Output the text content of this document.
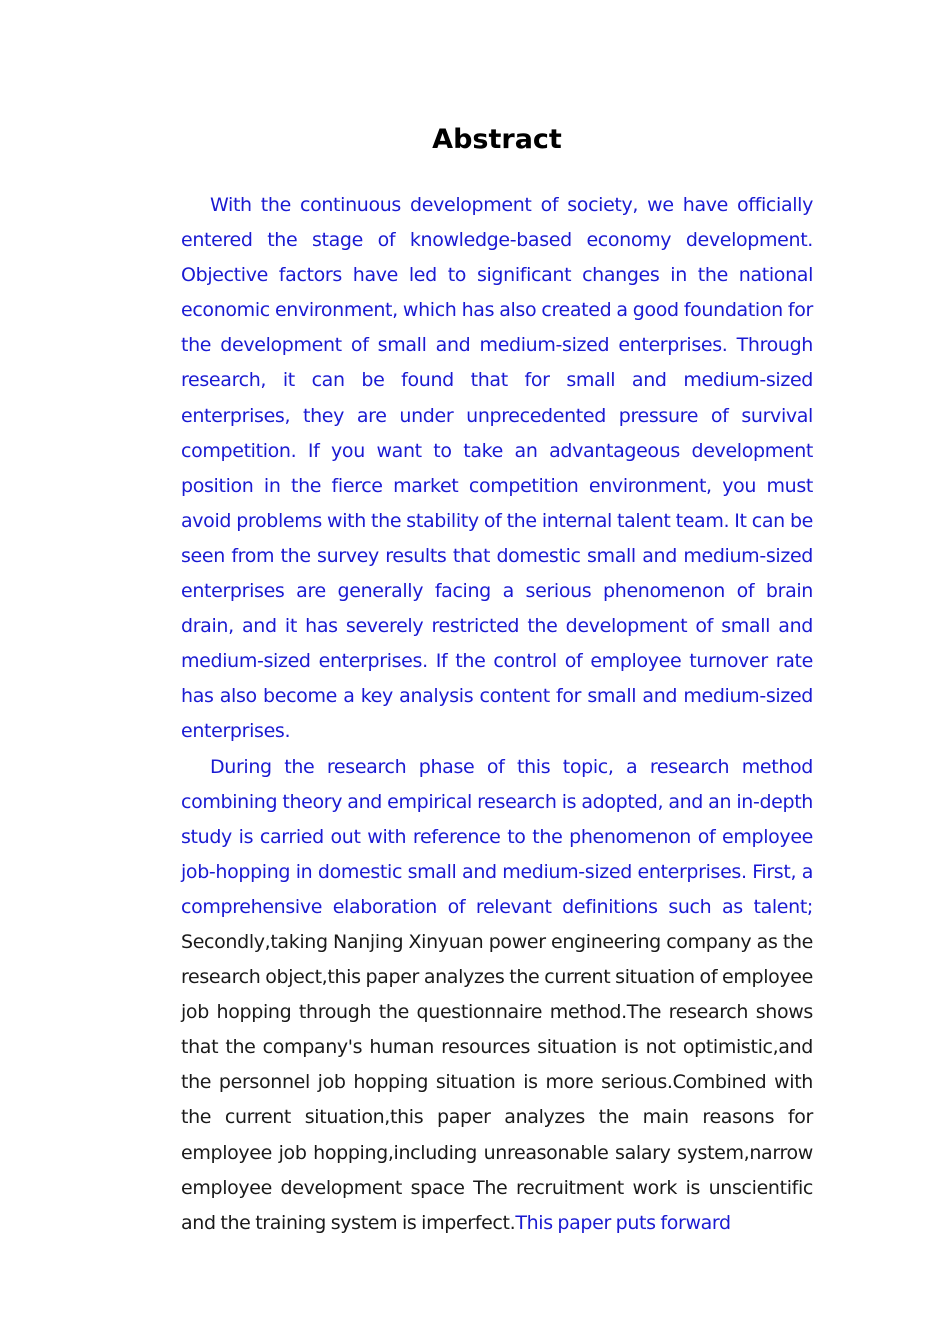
Abstract

With the continuous development of society, we have officially entered the stage of knowledge-based economy development. Objective factors have led to significant changes in the national economic environment, which has also created a good foundation for the development of small and medium-sized enterprises. Through research, it can be found that for small and medium-sized enterprises, they are under unprecedented pressure of survival competition. If you want to take an advantageous development position in the fierce market competition environment, you must avoid problems with the stability of the internal talent team. It can be seen from the survey results that domestic small and medium-sized enterprises are generally facing a serious phenomenon of brain drain, and it has severely restricted the development of small and medium-sized enterprises. If the control of employee turnover rate has also become a key analysis content for small and medium-sized enterprises.

During the research phase of this topic, a research method combining theory and empirical research is adopted, and an in-depth study is carried out with reference to the phenomenon of employee job-hopping in domestic small and medium-sized enterprises. First, a comprehensive elaboration of relevant definitions such as talent; Secondly,taking Nanjing Xinyuan power engineering company as the research object,this paper analyzes the current situation of employee job hopping through the questionnaire method.The research shows that the company's human resources situation is not optimistic,and the personnel job hopping situation is more serious.Combined with the current situation,this paper analyzes the main reasons for employee job hopping,including unreasonable salary system,narrow employee development space The recruitment work is unscientific and the training system is imperfect.This paper puts forward
